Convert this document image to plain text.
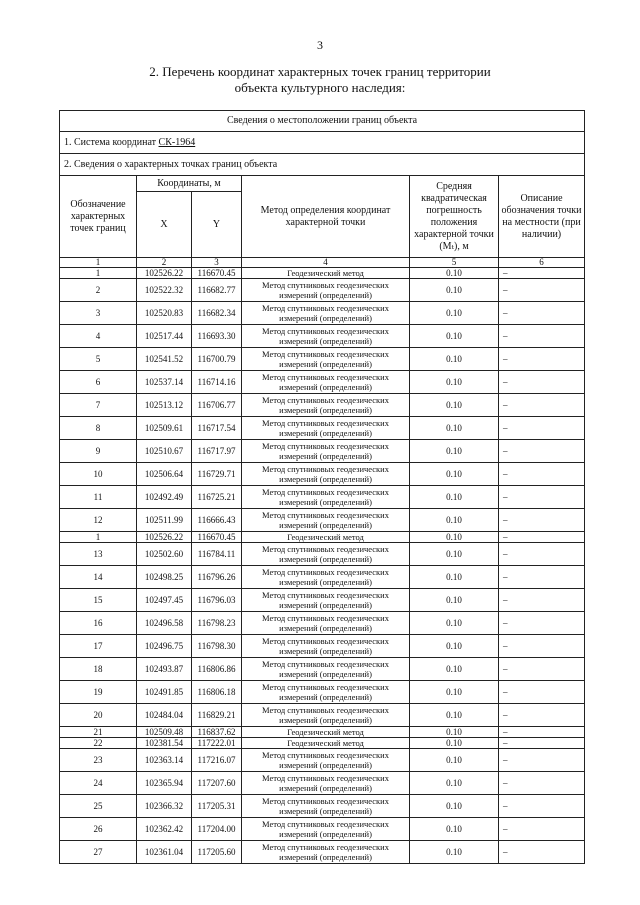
3
2. Перечень координат характерных точек границ территории
объекта культурного наследия:
Сведения о местоположении границ объекта					
1. Система координат СК-1964					
2. Сведения о характерных точках границ объекта					
Обозначение характерных точек границ	Координаты, м		Метод определения координат характерной точки	Средняя квадратическая погрешность положения характерной точки (Mₜ), м	Описание обозначения точки на местности (при наличии)
	X	Y			
1	2	3	4	5	6
1	102526.22	116670.45	Геодезический метод	0.10	–
2	102522.32	116682.77	Метод спутниковых геодезических измерений (определений)	0.10	–
3	102520.83	116682.34	Метод спутниковых геодезических измерений (определений)	0.10	–
4	102517.44	116693.30	Метод спутниковых геодезических измерений (определений)	0.10	–
5	102541.52	116700.79	Метод спутниковых геодезических измерений (определений)	0.10	–
6	102537.14	116714.16	Метод спутниковых геодезических измерений (определений)	0.10	–
7	102513.12	116706.77	Метод спутниковых геодезических измерений (определений)	0.10	–
8	102509.61	116717.54	Метод спутниковых геодезических измерений (определений)	0.10	–
9	102510.67	116717.97	Метод спутниковых геодезических измерений (определений)	0.10	–
10	102506.64	116729.71	Метод спутниковых геодезических измерений (определений)	0.10	–
11	102492.49	116725.21	Метод спутниковых геодезических измерений (определений)	0.10	–
12	102511.99	116666.43	Метод спутниковых геодезических измерений (определений)	0.10	–
1	102526.22	116670.45	Геодезический метод	0.10	–
13	102502.60	116784.11	Метод спутниковых геодезических измерений (определений)	0.10	–
14	102498.25	116796.26	Метод спутниковых геодезических измерений (определений)	0.10	–
15	102497.45	116796.03	Метод спутниковых геодезических измерений (определений)	0.10	–
16	102496.58	116798.23	Метод спутниковых геодезических измерений (определений)	0.10	–
17	102496.75	116798.30	Метод спутниковых геодезических измерений (определений)	0.10	–
18	102493.87	116806.86	Метод спутниковых геодезических измерений (определений)	0.10	–
19	102491.85	116806.18	Метод спутниковых геодезических измерений (определений)	0.10	–
20	102484.04	116829.21	Метод спутниковых геодезических измерений (определений)	0.10	–
21	102509.48	116837.62	Геодезический метод	0.10	–
22	102381.54	117222.01	Геодезический метод	0.10	–
23	102363.14	117216.07	Метод спутниковых геодезических измерений (определений)	0.10	–
24	102365.94	117207.60	Метод спутниковых геодезических измерений (определений)	0.10	–
25	102366.32	117205.31	Метод спутниковых геодезических измерений (определений)	0.10	–
26	102362.42	117204.00	Метод спутниковых геодезических измерений (определений)	0.10	–
27	102361.04	117205.60	Метод спутниковых геодезических измерений (определений)	0.10	–
